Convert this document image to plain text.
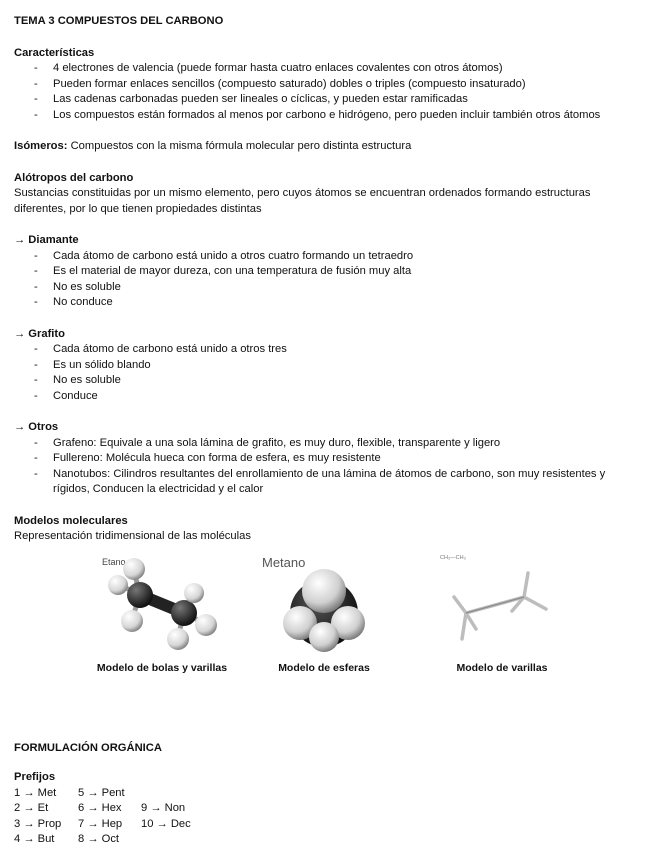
TEMA 3 COMPUESTOS DEL CARBONO
Características
- 4 electrones de valencia (puede formar hasta cuatro enlaces covalentes con otros átomos)
- Pueden formar enlaces sencillos (compuesto saturado) dobles o triples (compuesto insaturado)
- Las cadenas carbonadas pueden ser lineales o cíclicas, y pueden estar ramificadas
- Los compuestos están formados al menos por carbono e hidrógeno, pero pueden incluir también otros átomos
Isómeros: Compuestos con la misma fórmula molecular pero distinta estructura
Alótropos del carbono
Sustancias constituidas por un mismo elemento, pero cuyos átomos se encuentran ordenados formando estructuras diferentes, por lo que tienen propiedades distintas
→ Diamante
- Cada átomo de carbono está unido a otros cuatro formando un tetraedro
- Es el material de mayor dureza, con una temperatura de fusión muy alta
- No es soluble
- No conduce
→ Grafito
- Cada átomo de carbono está unido a otros tres
- Es un sólido blando
- No es soluble
- Conduce
→ Otros
- Grafeno: Equivale a una sola lámina de grafito, es muy duro, flexible, transparente y ligero
- Fullereno: Molécula hueca con forma de esfera, es muy resistente
- Nanotubos: Cilindros resultantes del enrollamiento de una lámina de átomos de carbono, son muy resistentes y rígidos, Conducen la electricidad y el calor
Modelos moleculares
Representación tridimensional de las moléculas
Etano
Modelo de bolas y varillas
Metano
Modelo de esferas
CH₃—CH₃
Modelo de varillas
FORMULACIÓN ORGÁNICA
Prefijos
1 → Met 5 → Pent
2 → Et	6 → Hex 9 → Non
3 → Prop 7 → Hep 10 → Dec
4 → But 8 → Oct
